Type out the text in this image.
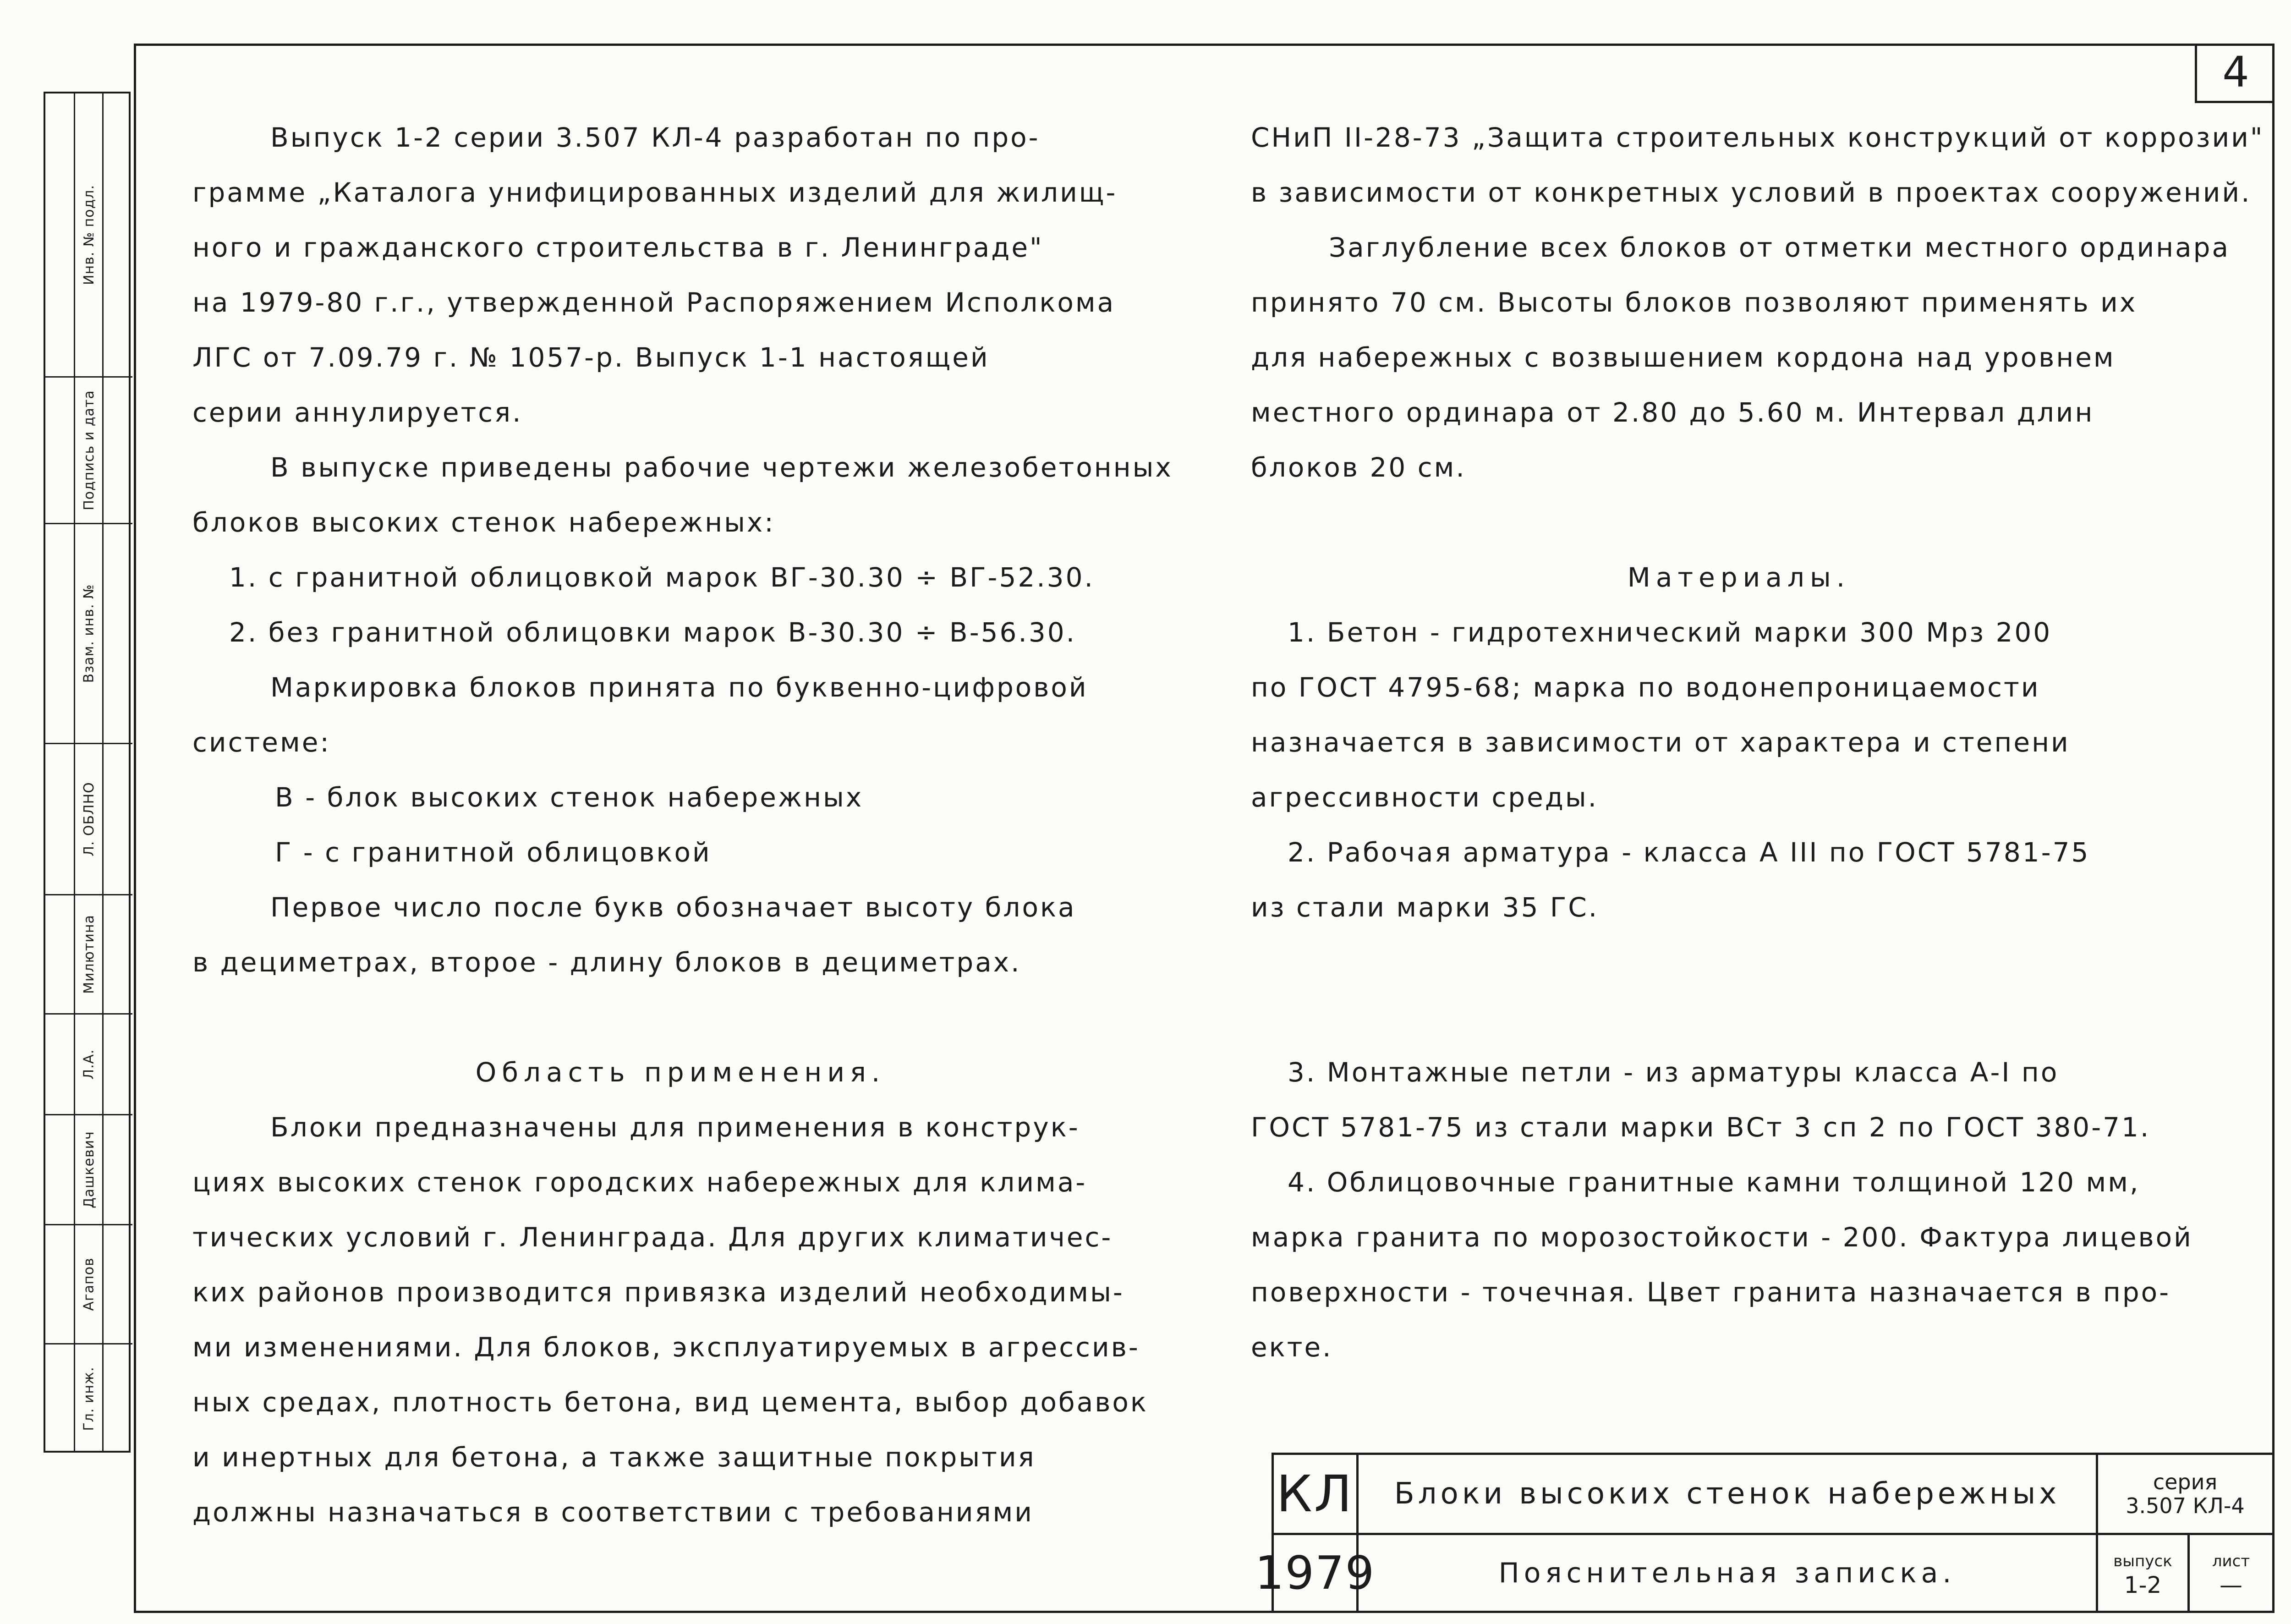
4
Инв. № подл.
Подпись и дата
Взам. инв. №
Л. ОБЛНО
Милютина
Л.А.
Дашкевич
Агапов
Гл. инж.
Выпуск 1-2 серии 3.507 КЛ-4 разработан по про-
грамме „Каталога унифицированных изделий для жилищ-
ного и гражданского строительства в г. Ленинграде"
на 1979-80 г.г., утвержденной Распоряжением Исполкома
ЛГС от 7.09.79 г. № 1057-р. Выпуск 1-1 настоящей
серии аннулируется.
В выпуске приведены рабочие чертежи железобетонных
блоков высоких стенок набережных:
1. с гранитной облицовкой марок ВГ-30.30 ÷ ВГ-52.30.
2. без гранитной облицовки марок В-30.30 ÷ В-56.30.
Маркировка блоков принята по буквенно-цифровой
системе:
В - блок высоких стенок набережных
Г - с гранитной облицовкой
Первое число после букв обозначает высоту блока
в дециметрах, второе - длину блоков в дециметрах.
Область применения.
Блоки предназначены для применения в конструк-
циях высоких стенок городских набережных для клима-
тических условий г. Ленинграда. Для других климатичес-
ких районов производится привязка изделий необходимы-
ми изменениями. Для блоков, эксплуатируемых в агрессив-
ных средах, плотность бетона, вид цемента, выбор добавок
и инертных для бетона, а также защитные покрытия
должны назначаться в соответствии с требованиями
СНиП II-28-73 „Защита строительных конструкций от коррозии"
в зависимости от конкретных условий в проектах сооружений.
Заглубление всех блоков от отметки местного ординара
принято 70 см. Высоты блоков позволяют применять их
для набережных с возвышением кордона над уровнем
местного ординара от 2.80 до 5.60 м. Интервал длин
блоков 20 см.
Материалы.
1. Бетон - гидротехнический марки 300 Мрз 200
по ГОСТ 4795-68; марка по водонепроницаемости
назначается в зависимости от характера и степени
агрессивности среды.
2. Рабочая арматура - класса А III по ГОСТ 5781-75
из стали марки 35 ГС.
3. Монтажные петли - из арматуры класса А-I по
ГОСТ 5781-75 из стали марки ВСт 3 сп 2 по ГОСТ 380-71.
4. Облицовочные гранитные камни толщиной 120 мм,
марка гранита по морозостойкости - 200. Фактура лицевой
поверхности - точечная. Цвет гранита назначается в про-
екте.
КЛ
1979
Блоки высоких стенок набережных
Пояснительная записка.
серия
3.507 КЛ-4
выпуск
1-2
лист
—
